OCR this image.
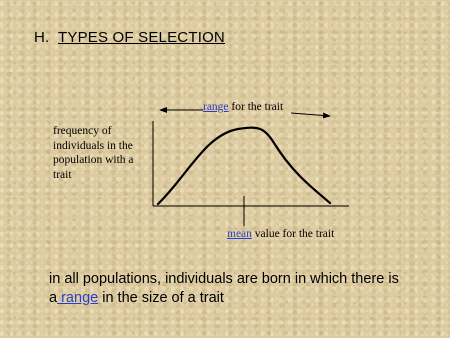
H. TYPES OF SELECTION
range for the trait
frequency of individuals in the population with a trait
mean value for the trait
in all populations, individuals are born in which there is
a range in the size of a trait
